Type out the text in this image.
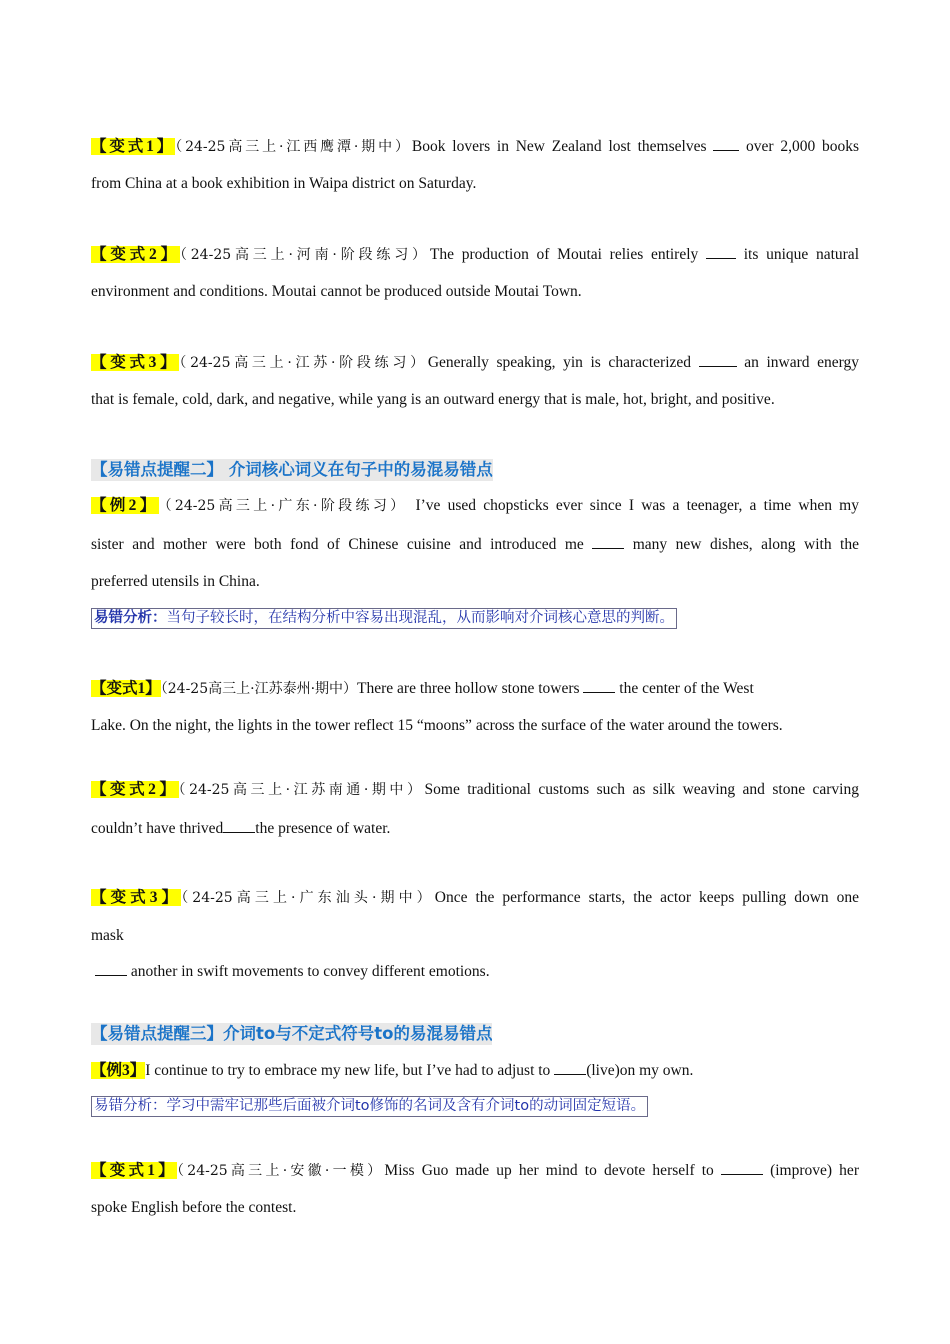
【变式1】（24-25高三上·江西鹰潭·期中）Book lovers in New Zealand lost themselves  over 2,000 books
from China at a book exhibition in Waipa district on Saturday.
【变式2】（24-25高三上·河南·阶段练习）The production of Moutai relies entirely  its unique natural
environment and conditions. Moutai cannot be produced outside Moutai Town.
【变式3】（24-25高三上·江苏·阶段练习）Generally speaking, yin is characterized  an inward energy
that is female, cold, dark, and negative, while yang is an outward energy that is male, hot, bright, and positive.
【易错点提醒二】 介词核心词义在句子中的易混易错点
【例2】 （24-25高三上·广东·阶段练习） I’ve used chopsticks ever since I was a teenager, a time when my
sister and mother were both fond of Chinese cuisine and introduced me  many new dishes, along with the
preferred utensils in China.
易错分析：当句子较长时，在结构分析中容易出现混乱，从而影响对介词核心意思的判断。
【变式1】（24-25高三上·江苏泰州·期中）There are three hollow stone towers  the center of the West
Lake. On the night, the lights in the tower reflect 15 “moons” across the surface of the water around the towers.
【变式2】（24-25高三上·江苏南通·期中）Some traditional customs such as silk weaving and stone carving
couldn’t have thrived the presence of water.
【变式3】（24-25高三上·广东汕头·期中）Once the performance starts, the actor keeps pulling down one
mask
another in swift movements to convey different emotions.
【易错点提醒三】介词to与不定式符号to的易混易错点
【例3】I continue to try to embrace my new life, but I’ve had to adjust to (live)on my own.
易错分析：学习中需牢记那些后面被介词to修饰的名词及含有介词to的动词固定短语。
【变式1】（24-25高三上·安徽·一模）Miss Guo made up her mind to devote herself to	(improve) her
spoke English before the contest.
